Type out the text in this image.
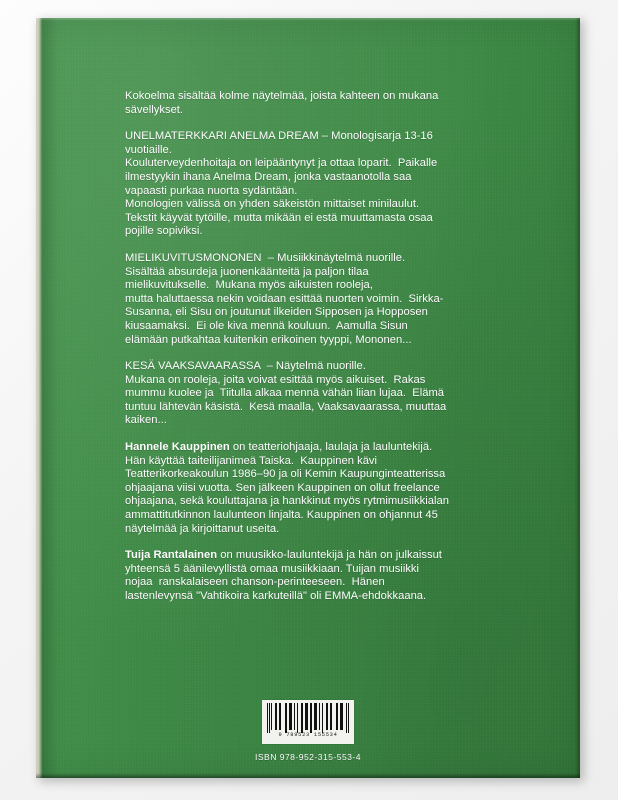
Kokoelma sisältää kolme näytelmää, joista kahteen on mukana
sävellykset.
UNELMATERKKARI ANELMA DREAM – Monologisarja 13-16
vuotiaille.
Kouluterveydenhoitaja on leipääntynyt ja ottaa loparit.  Paikalle
ilmestyykin ihana Anelma Dream, jonka vastaanotolla saa
vapaasti purkaa nuorta sydäntään.
Monologien välissä on yhden säkeistön mittaiset minilaulut.
Tekstit käyvät tytöille, mutta mikään ei estä muuttamasta osaa
pojille sopiviksi.
MIELIKUVITUSMONONEN  – Musiikkinäytelmä nuorille.
Sisältää absurdeja juonenkäänteitä ja paljon tilaa
mielikuvitukselle.  Mukana myös aikuisten rooleja,
mutta haluttaessa nekin voidaan esittää nuorten voimin.  Sirkka-
Susanna, eli Sisu on joutunut ilkeiden Sipposen ja Hopposen
kiusaamaksi.  Ei ole kiva mennä kouluun.  Aamulla Sisun
elämään putkahtaa kuitenkin erikoinen tyyppi, Mononen...
KESÄ VAAKSAVAARASSA  – Näytelmä nuorille.
Mukana on rooleja, joita voivat esittää myös aikuiset.  Rakas
mummu kuolee ja  Tiitulla alkaa mennä vähän liian lujaa.  Elämä
tuntuu lähtevän käsistä.  Kesä maalla, Vaaksavaarassa, muuttaa
kaiken...
Hannele Kauppinen on teatteriohjaaja, laulaja ja lauluntekijä.
Hän käyttää taiteilijanimeä Taiska.  Kauppinen kävi
Teatterikorkeakoulun 1986–90 ja oli Kemin Kaupunginteatterissa
ohjaajana viisi vuotta. Sen jälkeen Kauppinen on ollut freelance
ohjaajana, sekä kouluttajana ja hankkinut myös rytmimusiikkialan
ammattitutkinnon laulunteon linjalta. Kauppinen on ohjannut 45
näytelmää ja kirjoittanut useita.
Tuija Rantalainen on muusikko-lauluntekijä ja hän on julkaissut
yhteensä 5 äänilevyllistä omaa musiikkiaan. Tuijan musiikki
nojaa  ranskalaiseen chanson-perinteeseen.  Hänen
lastenlevynsä "Vahtikoira karkuteillä" oli EMMA-ehdokkaana.
9 789523 155534
ISBN 978-952-315-553-4
